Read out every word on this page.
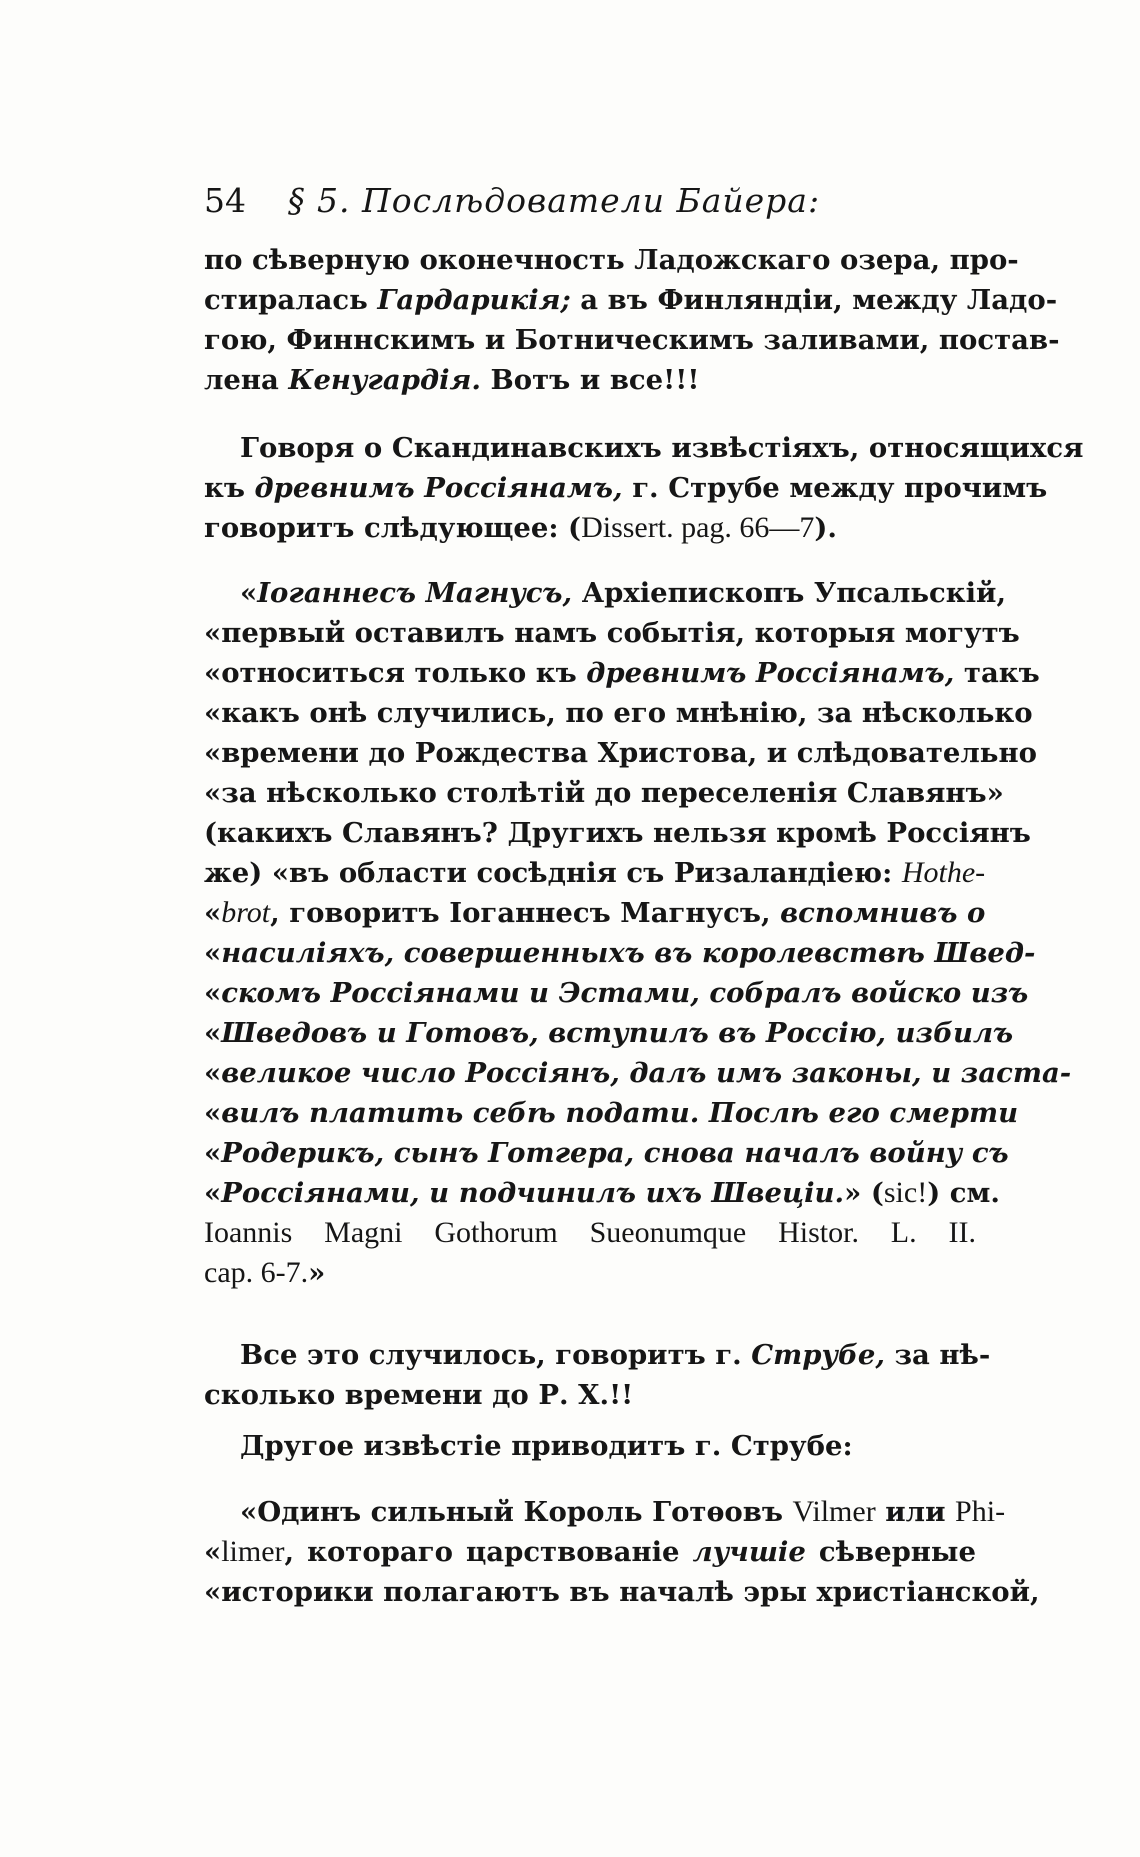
54 § 5. Послѣдователи Байера:
по сѣверную оконечность Ладожскаго озера, про-
стиралась Гардарикія; а въ Финляндіи, между Ладо-
гою, Финнскимъ и Ботническимъ заливами, постав-
лена Кенугардія. Вотъ и все!!!
Говоря о Скандинавскихъ извѣстіяхъ, относящихся
къ древнимъ Россіянамъ, г. Струбе между прочимъ
говоритъ слѣдующее: (Dissert. pag. 66—7).
«Іоганнесъ Магнусъ, Архіепископъ Упсальскій,
«первый оставилъ намъ событія, которыя могутъ
«относиться только къ древнимъ Россіянамъ, такъ
«какъ онѣ случились, по его мнѣнію, за нѣсколько
«времени до Рождества Христова, и слѣдовательно
«за нѣсколько столѣтій до переселенія Славянъ»
(какихъ Славянъ? Другихъ нельзя кромѣ Россіянъ
же) «въ области сосѣднія съ Ризаландіею: Hothe-
«brot, говоритъ Іоганнесъ Магнусъ, вспомнивъ о
«насиліяхъ, совершенныхъ въ королевствѣ Швед-
«скомъ Россіянами и Эстами, собралъ войско изъ
«Шведовъ и Готовъ, вступилъ въ Россію, избилъ
«великое число Россіянъ, далъ имъ законы, и заста-
«вилъ платить себѣ подати. Послѣ его смерти
«Родерикъ, сынъ Готгера, снова началъ войну съ
«Россіянами, и подчинилъ ихъ Швеціи.» (sic!) см.
Ioannis Magni Gothorum Sueonumque Histor. L. II.
cap. 6-7.»
Все это случилось, говоритъ г. Струбе, за нѣ-
сколько времени до Р. Х.!!
Другое извѣстіе приводитъ г. Струбе:
«Одинъ сильный Король Готѳовъ Vilmer или Phi-
«limer, котораго царствованіе лучшіе сѣверные
«историки полагаютъ въ началѣ эры христіанской,
